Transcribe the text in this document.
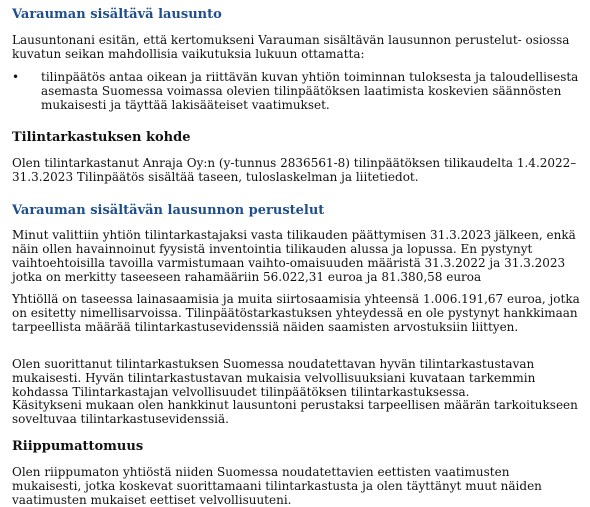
Varauman sisältävä lausunto
Lausuntonani esitän, että kertomukseni Varauman sisältävän lausunnon perustelut- osiossa kuvatun seikan mahdollisia vaikutuksia lukuun ottamatta:
•	tilinpäätös antaa oikean ja riittävän kuvan yhtiön toiminnan tuloksesta ja taloudellisesta asemasta Suomessa voimassa olevien tilinpäätöksen laatimista koskevien säännösten mukaisesti ja täyttää lakisääteiset vaatimukset.
Tilintarkastuksen kohde
Olen tilintarkastanut Anraja Oy:n (y-tunnus 2836561-8) tilinpäätöksen tilikaudelta 1.4.2022–31.3.2023 Tilinpäätös sisältää taseen, tuloslaskelman ja liitetiedot.
Varauman sisältävän lausunnon perustelut
Minut valittiin yhtiön tilintarkastajaksi vasta tilikauden päättymisen 31.3.2023 jälkeen, enkä näin ollen havainnoinut fyysistä inventointia tilikauden alussa ja lopussa. En pystynyt vaihtoehtoisilla tavoilla varmistumaan vaihto-omaisuuden määristä 31.3.2022 ja 31.3.2023 jotka on merkitty taseeseen rahamääriin 56.022,31 euroa ja 81.380,58 euroa
Yhtiöllä on taseessa lainasaamisia ja muita siirtosaamisia yhteensä 1.006.191,67 euroa, jotka on esitetty nimellisarvoissa. Tilinpäätöstarkastuksen yhteydessä en ole pystynyt hankkimaan tarpeellista määrää tilintarkastusevidenssiä näiden saamisten arvostuksiin liittyen.
Olen suorittanut tilintarkastuksen Suomessa noudatettavan hyvän tilintarkastustavan mukaisesti. Hyvän tilintarkastustavan mukaisia velvollisuuksiani kuvataan tarkemmin kohdassa Tilintarkastajan velvollisuudet tilinpäätöksen tilintarkastuksessa.
Käsitykseni mukaan olen hankkinut lausuntoni perustaksi tarpeellisen määrän tarkoitukseen soveltuvaa tilintarkastusevidenssiä.
Riippumattomuus
Olen riippumaton yhtiöstä niiden Suomessa noudatettavien eettisten vaatimusten mukaisesti, jotka koskevat suorittamaani tilintarkastusta ja olen täyttänyt muut näiden vaatimusten mukaiset eettiset velvollisuuteni.
